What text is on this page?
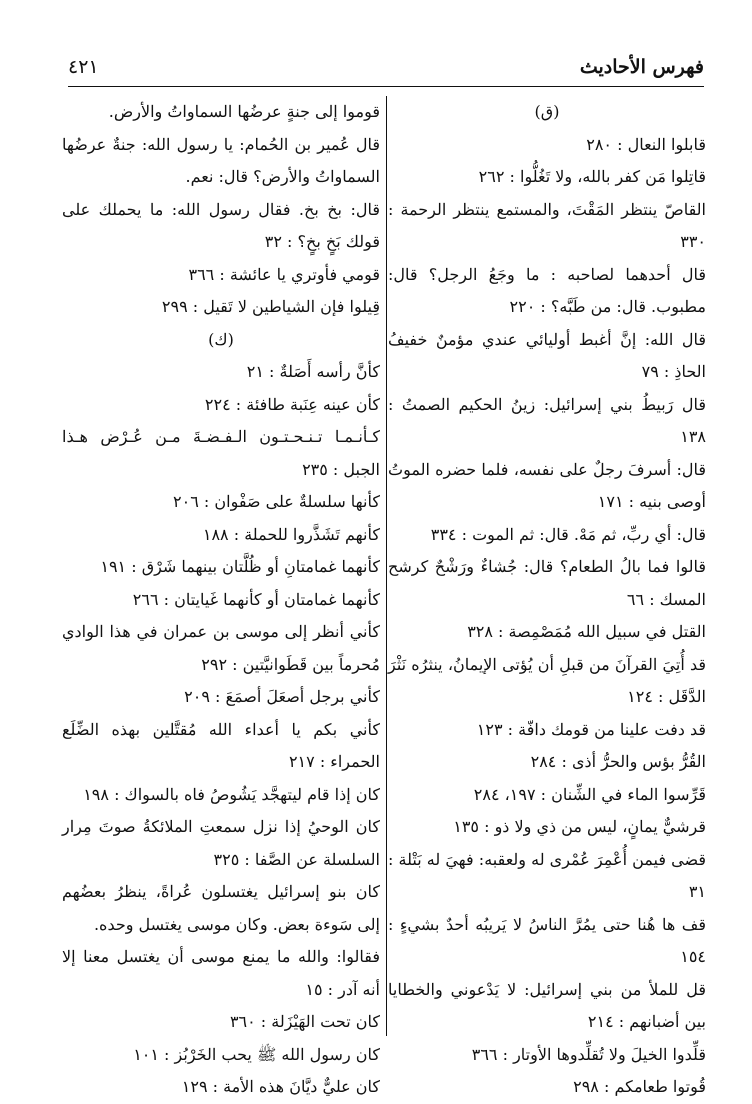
فهرس الأحاديث
٤٢١

(ق)

قابلوا النعال : ٢٨٠

قاتِلوا مَن كفر بالله، ولا تَغُلُّوا : ٢٦٢

القاصّ ينتظر المَقْتَ، والمستمع ينتظر الرحمة : ٣٣٠

قال أحدهما لصاحبه : ما وجَعُ الرجل؟ قال: مطبوب. قال: من طَبَّه؟ : ٢٢٠

قال الله: إنَّ أغبط أوليائي عندي مؤمنٌ خفيفُ الحاذِ : ٧٩

قال رَبيطُ بني إسرائيل: زينُ الحكيم الصمتُ : ١٣٨

قال: أسرفَ رجلٌ على نفسه، فلما حضره الموتُ أوصى بنيه : ١٧١

قال: أي ربِّ، ثم مَهْ. قال: ثم الموت : ٣٣٤

قالوا فما بالُ الطعام؟ قال: جُشاءٌ ورَشْحٌ كرشح المسك : ٦٦

القتل في سبيل الله مُمَصْمِصة : ٣٢٨

قد أُتِيَ القرآنَ من قبلِ أن يُؤتى الإيمانُ، ينثرُه نَثْرَ الدَّقَل : ١٢٤

قد دفت علينا من قومك دافّة : ١٢٣

القُرُّ بؤس والحرُّ أذى : ٢٨٤

قَرِّسوا الماء في الشِّنان : ١٩٧، ٢٨٤

قرشيٌّ يمانٍ، ليس من ذي ولا ذو : ١٣٥

قضى فيمن أُعْمِرَ عُمْرى له ولعقبه: فهيَ له بَتْلة : ٣١

قف ها هُنا حتى يمُرَّ الناسُ لا يَريبُه أحدٌ بشيءٍ : ١٥٤

قل للملأ من بني إسرائيل: لا يَدْعوني والخطايا بين أضبانهم : ٢١٤

قلِّدوا الخيلَ ولا تُقلِّدوها الأوتار : ٣٦٦

قُوتوا طعامكم : ٢٩٨

قوموا إلى جنةٍ عرضُها السماواتُ والأرض.

قال عُمير بن الحُمام: يا رسول الله: جنةٌ عرضُها السماواتُ والأرض؟ قال: نعم.

قال: بخ بخ. فقال رسول الله: ما يحملك على قولك بَخٍ بخٍ؟ : ٣٢

قومي فأوتري يا عائشة : ٣٦٦

قِيلوا فإن الشياطين لا تَقيل : ٢٩٩

(ك)

كأنَّ رأسه أَصَلةٌ : ٢١

كأن عينه عِنَبة طافئة : ٢٢٤

كـأنـمـا تـنـحـتـون الـفـضـةَ مـن عُـرْض هـذا الجبل : ٢٣٥

كأنها سلسلةٌ على صَفْوان : ٢٠٦

كأنهم تَشَذَّروا للحملة : ١٨٨

كأنهما غمامتانِ أو ظُلَّتان بينهما شَرْق : ١٩١

كأنهما غمامتان أو كأنهما غَيايتان : ٢٦٦

كأني أنظر إلى موسى بن عمران في هذا الوادي مُحرماً بين قَطَوانيَّتين : ٢٩٢

كأني برجل أصعَلَ أصمَعَ : ٢٠٩

كأني بكم يا أعداء الله مُقتَّلين بهذه الضِّلَع الحمراء : ٢١٧

كان إذا قام ليتهجَّد يَشُوصُ فاه بالسواك : ١٩٨

كان الوحيُ إذا نزل سمعتِ الملائكةُ صوتَ مِرار السلسلة عن الصَّفا : ٣٢٥

كان بنو إسرائيل يغتسلون عُراةً، ينظرُ بعضُهم إلى سَوءة بعض. وكان موسى يغتسل وحده.

فقالوا: والله ما يمنع موسى أن يغتسل معنا إلا أنه آدر : ١٥

كان تحت الهَيْزَلة : ٣٦٠

كان رسول الله ﷺ يحب الخَرْبُز : ١٠١

كان عليٌّ ديَّانَ هذه الأمة : ١٢٩
